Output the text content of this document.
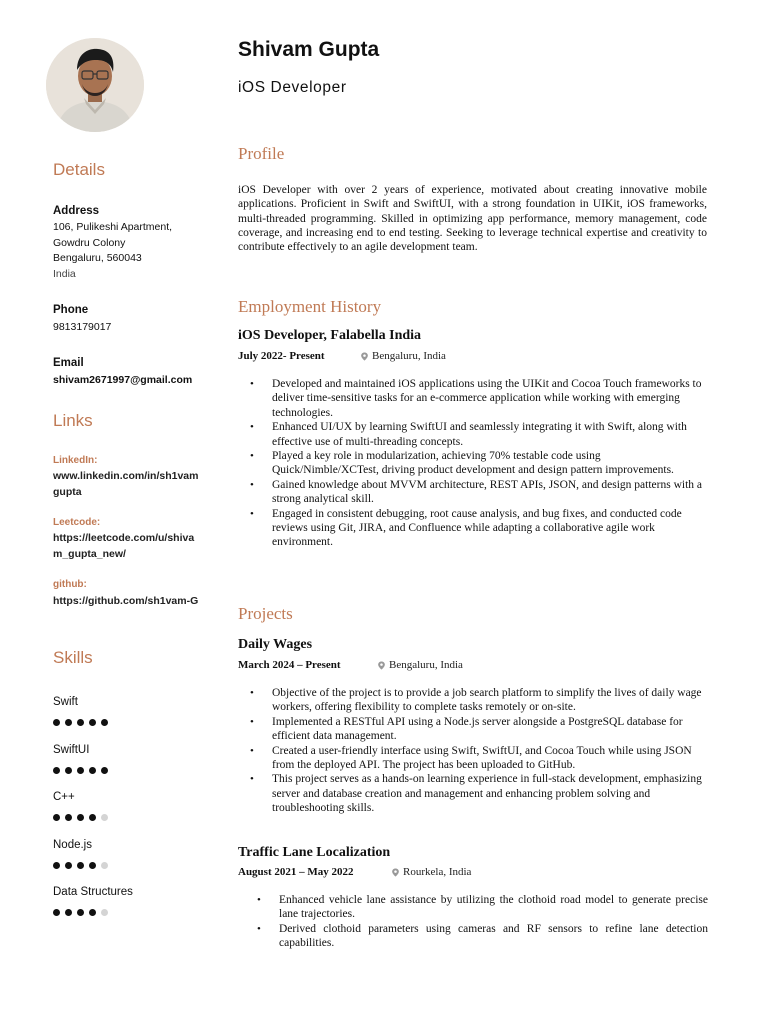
Details
Address
106, Pulikeshi Apartment,
Gowdru Colony
Bengaluru, 560043
India
Phone
9813179017
Email
shivam2671997@gmail.com
Links
LinkedIn:
www.linkedin.com/in/sh1vamgupta
Leetcode:
https://leetcode.com/u/shivam_gupta_new/
github:
https://github.com/sh1vam-G
Skills
Swift
SwiftUI
C++
Node.js
Data Structures
Shivam Gupta
iOS Developer
Profile
iOS Developer with over 2 years of experience, motivated about creating innovative mobile applications. Proficient in Swift and SwiftUI, with a strong foundation in UIKit, iOS frameworks, multi-threaded programming. Skilled in optimizing app performance, memory management, code coverage, and increasing end to end testing. Seeking to leverage technical expertise and creativity to contribute effectively to an agile development team.
Employment History
iOS Developer, Falabella India
July 2022- Present	Bengaluru, India
• Developed and maintained iOS applications using the UIKit and Cocoa Touch frameworks to deliver time-sensitive tasks for an e-commerce application while working with emerging technologies.
• Enhanced UI/UX by learning SwiftUI and seamlessly integrating it with Swift, along with effective use of multi-threading concepts.
• Played a key role in modularization, achieving 70% testable code using Quick/Nimble/XCTest, driving product development and design pattern improvements.
• Gained knowledge about MVVM architecture, REST APIs, JSON, and design patterns with a strong analytical skill.
• Engaged in consistent debugging, root cause analysis, and bug fixes, and conducted code reviews using Git, JIRA, and Confluence while adapting a collaborative agile work environment.
Projects
Daily Wages
March 2024 – Present	Bengaluru, India
• Objective of the project is to provide a job search platform to simplify the lives of daily wage workers, offering flexibility to complete tasks remotely or on-site.
• Implemented a RESTful API using a Node.js server alongside a PostgreSQL database for efficient data management.
• Created a user-friendly interface using Swift, SwiftUI, and Cocoa Touch while using JSON from the deployed API. The project has been uploaded to GitHub.
• This project serves as a hands-on learning experience in full-stack development, emphasizing server and database creation and management and enhancing problem solving and troubleshooting skills.
Traffic Lane Localization
August 2021 – May 2022	Rourkela, India
• Enhanced vehicle lane assistance by utilizing the clothoid road model to generate precise lane trajectories.
• Derived clothoid parameters using cameras and RF sensors to refine lane detection capabilities.
